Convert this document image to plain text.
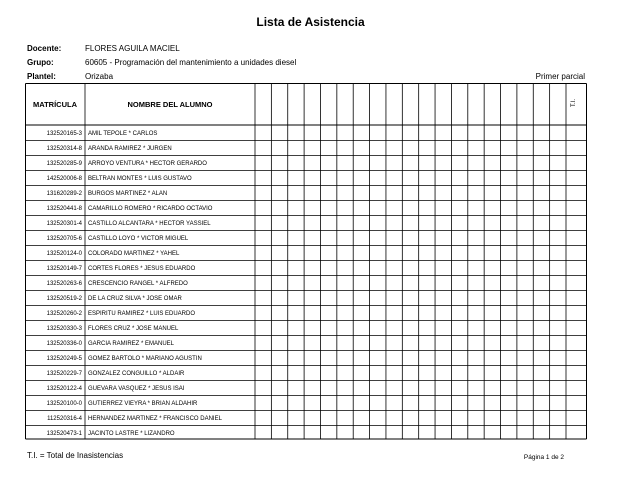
Lista de Asistencia
Docente:	FLORES AGUILA MACIEL
Grupo:	60605 - Programación del mantenimiento a unidades diesel
Plantel:	Orizaba	Primer parcial
MATRÍCULA	NOMBRE DEL ALUMNO	T.I.
132520165-3 AMIL TEPOLE * CARLOS
132520314-8 ARANDA RAMIREZ * JURGEN
132520285-9 ARROYO VENTURA * HECTOR GERARDO
142520006-8 BELTRAN MONTES * LUIS GUSTAVO
131620289-2 BURGOS MARTINEZ * ALAN
132520441-8 CAMARILLO ROMERO * RICARDO OCTAVIO
132520301-4 CASTILLO ALCANTARA * HECTOR YASSIEL
132520705-6 CASTILLO LOYO * VICTOR MIGUEL
132520124-0 COLORADO MARTINEZ * YAHEL
132520149-7 CORTES FLORES * JESUS EDUARDO
132520263-6 CRESCENCIO RANGEL * ALFREDO
132520519-2 DE LA CRUZ SILVA * JOSE OMAR
132520260-2 ESPIRITU RAMIREZ * LUIS EDUARDO
132520330-3 FLORES CRUZ * JOSE MANUEL
132520336-0 GARCIA RAMIREZ * EMANUEL
132520249-5 GOMEZ BARTOLO * MARIANO AGUSTIN
132520229-7 GONZALEZ CONGUILLO * ALDAIR
132520122-4 GUEVARA VASQUEZ * JESUS ISAI
132520100-0 GUTIERREZ VIEYRA * BRIAN ALDAHIR
112520316-4 HERNANDEZ MARTINEZ * FRANCISCO DANIEL
132520473-1 JACINTO LASTRE * LIZANDRO
T.I. = Total de Inasistencias	Página 1 de 2
